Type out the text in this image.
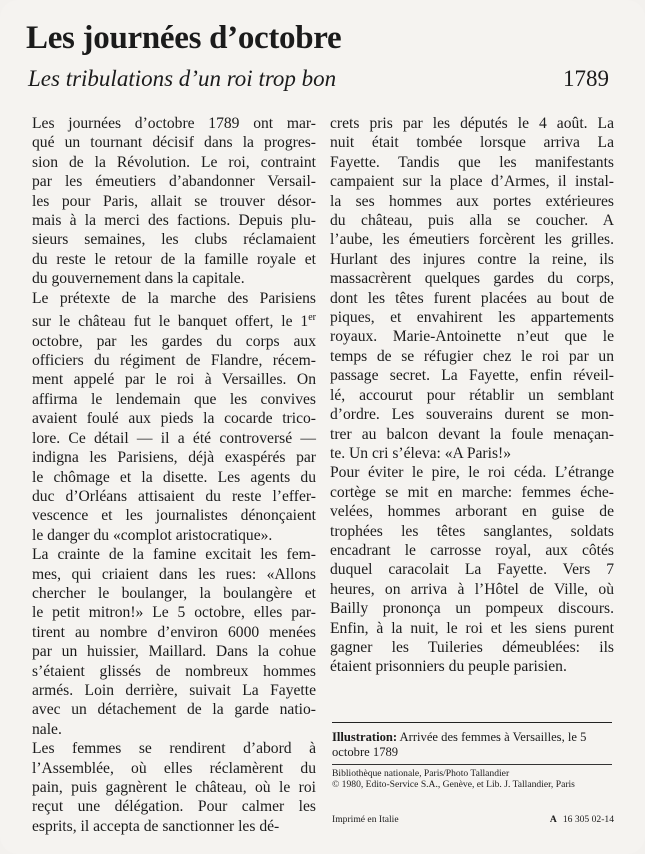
Les journées d’octobre
Les tribulations d’un roi trop bon	1789

Les journées d’octobre 1789 ont mar-
qué un tournant décisif dans la progres-
sion de la Révolution. Le roi, contraint
par les émeutiers d’abandonner Versail-
les pour Paris, allait se trouver désor-
mais à la merci des factions. Depuis plu-
sieurs semaines, les clubs réclamaient
du reste le retour de la famille royale et
du gouvernement dans la capitale.

Le prétexte de la marche des Parisiens
sur le château fut le banquet offert, le 1er
octobre, par les gardes du corps aux
officiers du régiment de Flandre, récem-
ment appelé par le roi à Versailles. On
affirma le lendemain que les convives
avaient foulé aux pieds la cocarde trico-
lore. Ce détail — il a été controversé —
indigna les Parisiens, déjà exaspérés par
le chômage et la disette. Les agents du
duc d’Orléans attisaient du reste l’effer-
vescence et les journalistes dénonçaient
le danger du «complot aristocratique».

La crainte de la famine excitait les fem-
mes, qui criaient dans les rues: «Allons
chercher le boulanger, la boulangère et
le petit mitron!» Le 5 octobre, elles par-
tirent au nombre d’environ 6000 menées
par un huissier, Maillard. Dans la cohue
s’étaient glissés de nombreux hommes
armés. Loin derrière, suivait La Fayette
avec un détachement de la garde natio-
nale.

Les femmes se rendirent d’abord à
l’Assemblée, où elles réclamèrent du
pain, puis gagnèrent le château, où le roi
reçut une délégation. Pour calmer les
esprits, il accepta de sanctionner les dé-

crets pris par les députés le 4 août. La
nuit était tombée lorsque arriva La
Fayette. Tandis que les manifestants
campaient sur la place d’Armes, il instal-
la ses hommes aux portes extérieures
du château, puis alla se coucher. A
l’aube, les émeutiers forcèrent les grilles.
Hurlant des injures contre la reine, ils
massacrèrent quelques gardes du corps,
dont les têtes furent placées au bout de
piques, et envahirent les appartements
royaux. Marie-Antoinette n’eut que le
temps de se réfugier chez le roi par un
passage secret. La Fayette, enfin réveil-
lé, accourut pour rétablir un semblant
d’ordre. Les souverains durent se mon-
trer au balcon devant la foule menaçan-
te. Un cri s’éleva: «A Paris!»

Pour éviter le pire, le roi céda. L’étrange
cortège se mit en marche: femmes éche-
velées, hommes arborant en guise de
trophées les têtes sanglantes, soldats
encadrant le carrosse royal, aux côtés
duquel caracolait La Fayette. Vers 7
heures, on arriva à l’Hôtel de Ville, où
Bailly prononça un pompeux discours.
Enfin, à la nuit, le roi et les siens purent
gagner les Tuileries démeublées: ils
étaient prisonniers du peuple parisien.

Illustration: Arrivée des femmes à Versailles, le 5 octobre 1789
Bibliothèque nationale, Paris/Photo Tallandier
© 1980, Edito-Service S.A., Genève, et Lib. J. Tallandier, Paris
Imprimé en Italie	A 16 305 02-14
